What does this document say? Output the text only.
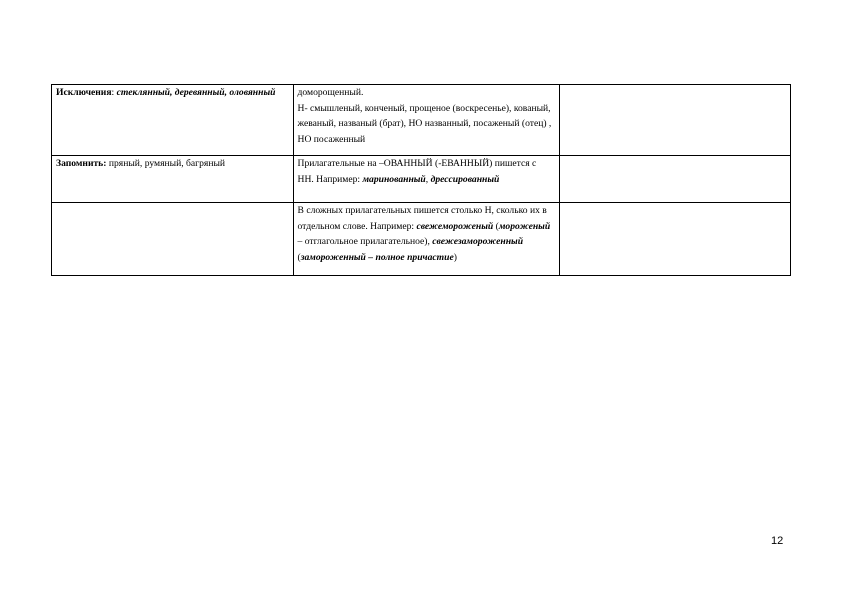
Исключения: стеклянный, деревянный, оловянный	доморощенный.
Н- смышленый, конченый, прощеное (воскресенье), кованый, жеваный, названый (брат), НО названный, посаженый (отец) , НО посаженный	

Запомнить: пряный, румяный, багряный	Прилагательные на –ОВАННЫЙ (-ЕВАННЫЙ) пишется с НН. Например: маринованный, дрессированный	
	В сложных прилагательных пишется столько Н, сколько их в отдельном слове. Например: свежемороженый (мороженый – отглагольное прилагательное), свежезамороженный (замороженный – полное причастие)	
12
